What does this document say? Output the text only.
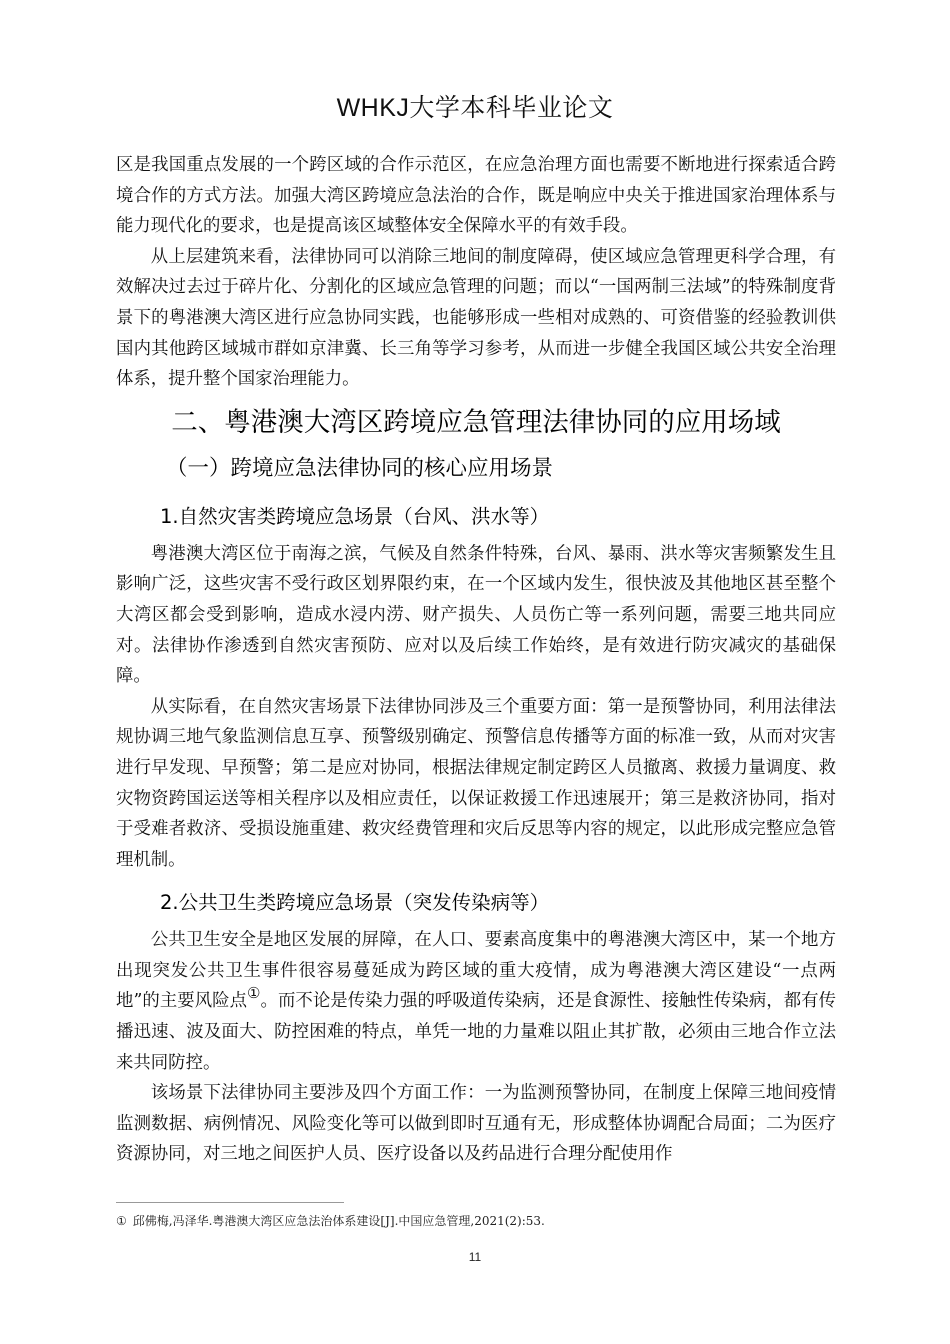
WHKJ大学本科毕业论文

区是我国重点发展的一个跨区域的合作示范区，在应急治理方面也需要不断地进行探索适合跨境合作的方式方法。加强大湾区跨境应急法治的合作，既是响应中央关于推进国家治理体系与能力现代化的要求，也是提高该区域整体安全保障水平的有效手段。

从上层建筑来看，法律协同可以消除三地间的制度障碍，使区域应急管理更科学合理，有效解决过去过于碎片化、分割化的区域应急管理的问题；而以“一国两制三法域”的特殊制度背景下的粤港澳大湾区进行应急协同实践，也能够形成一些相对成熟的、可资借鉴的经验教训供国内其他跨区域城市群如京津冀、长三角等学习参考，从而进一步健全我国区域公共安全治理体系，提升整个国家治理能力。

二、粤港澳大湾区跨境应急管理法律协同的应用场域
（一）跨境应急法律协同的核心应用场景
1.自然灾害类跨境应急场景（台风、洪水等）

粤港澳大湾区位于南海之滨，气候及自然条件特殊，台风、暴雨、洪水等灾害频繁发生且影响广泛，这些灾害不受行政区划界限约束，在一个区域内发生，很快波及其他地区甚至整个大湾区都会受到影响，造成水浸内涝、财产损失、人员伤亡等一系列问题，需要三地共同应对。法律协作渗透到自然灾害预防、应对以及后续工作始终，是有效进行防灾减灾的基础保障。

从实际看，在自然灾害场景下法律协同涉及三个重要方面：第一是预警协同，利用法律法规协调三地气象监测信息互享、预警级别确定、预警信息传播等方面的标准一致，从而对灾害进行早发现、早预警；第二是应对协同，根据法律规定制定跨区人员撤离、救援力量调度、救灾物资跨国运送等相关程序以及相应责任，以保证救援工作迅速展开；第三是救济协同，指对于受难者救济、受损设施重建、救灾经费管理和灾后反思等内容的规定，以此形成完整应急管理机制。

2.公共卫生类跨境应急场景（突发传染病等）

公共卫生安全是地区发展的屏障，在人口、要素高度集中的粤港澳大湾区中，某一个地方出现突发公共卫生事件很容易蔓延成为跨区域的重大疫情，成为粤港澳大湾区建设“一点两地”的主要风险点①。而不论是传染力强的呼吸道传染病，还是食源性、接触性传染病，都有传播迅速、波及面大、防控困难的特点，单凭一地的力量难以阻止其扩散，必须由三地合作立法来共同防控。

该场景下法律协同主要涉及四个方面工作：一为监测预警协同，在制度上保障三地间疫情监测数据、病例情况、风险变化等可以做到即时互通有无，形成整体协调配合局面；二为医疗资源协同，对三地之间医护人员、医疗设备以及药品进行合理分配使用作

① 邱佛梅,冯泽华.粤港澳大湾区应急法治体系建设[J].中国应急管理,2021(2):53.
11
